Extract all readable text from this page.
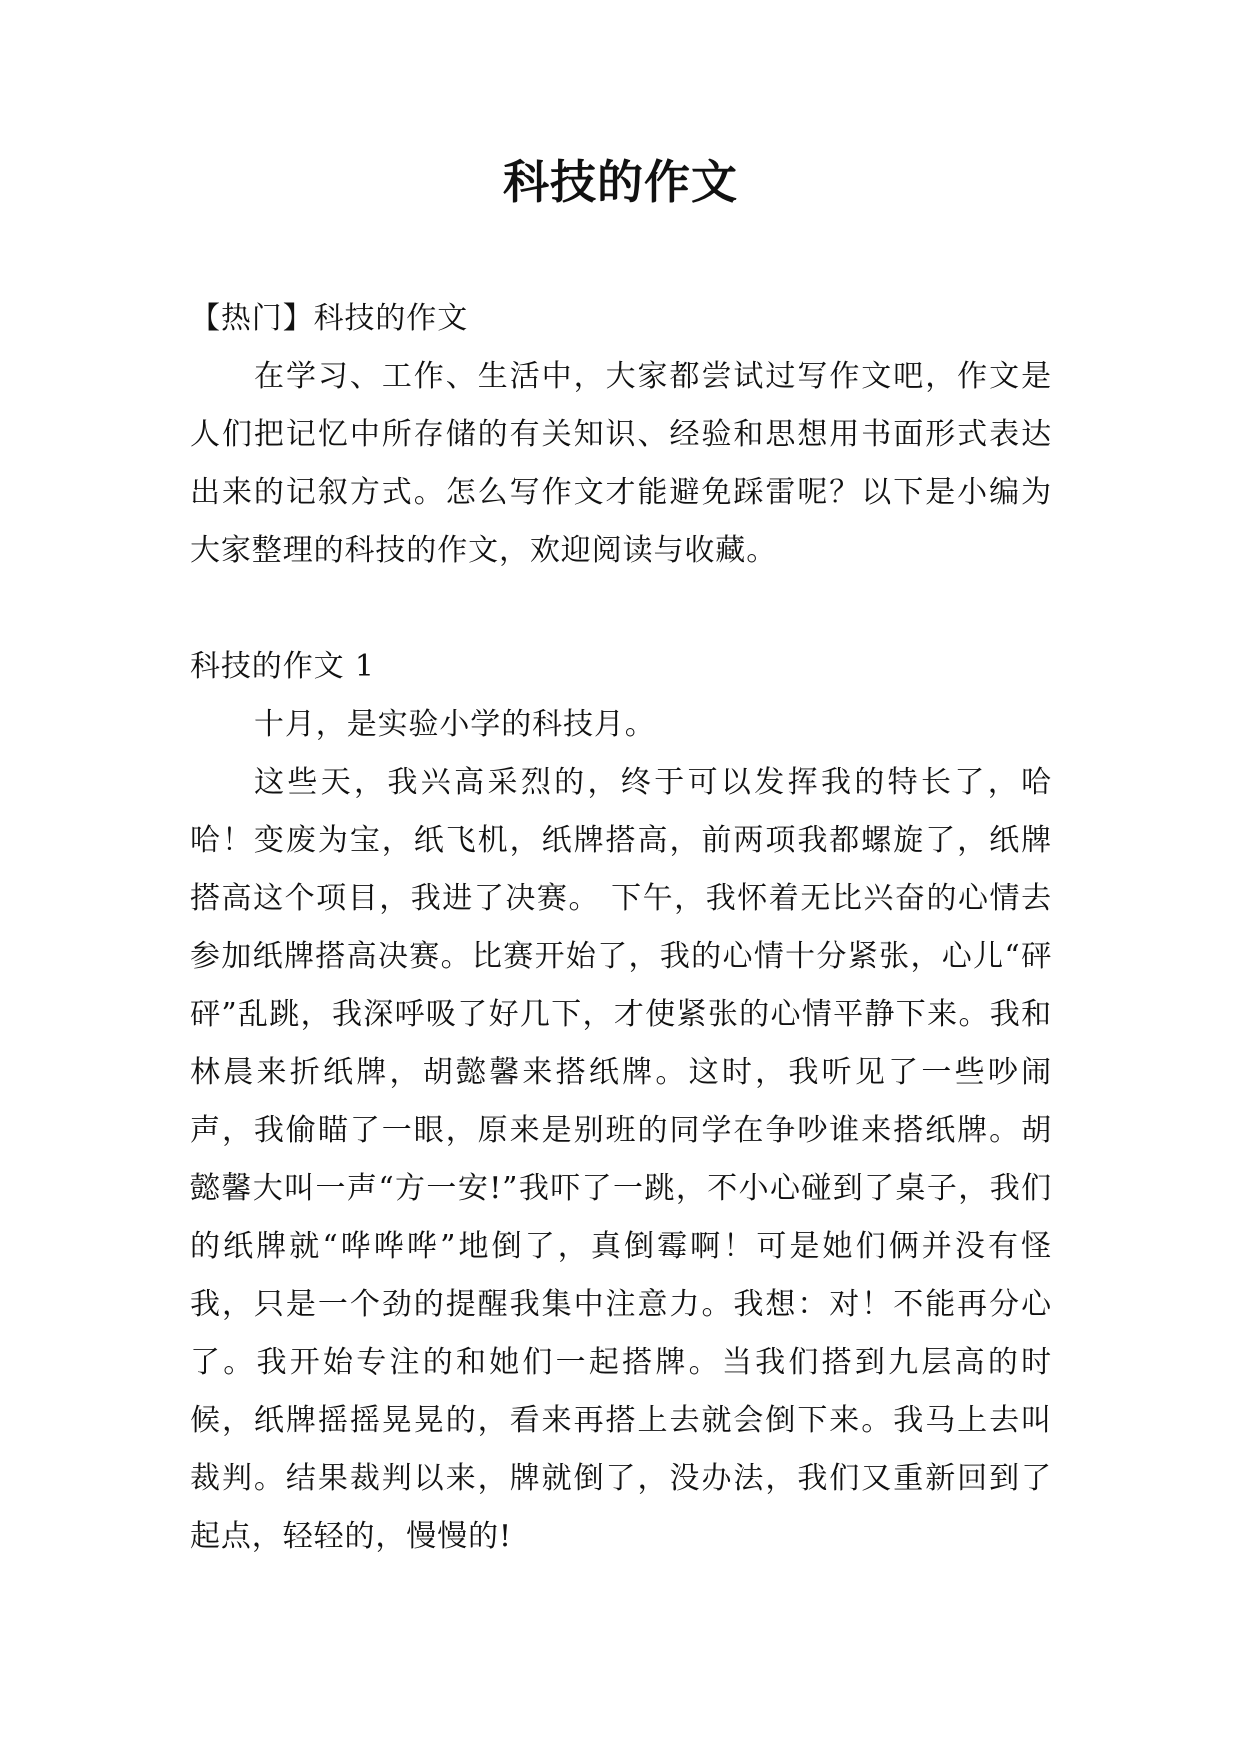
科技的作文

【热门】科技的作文

在学习、工作、生活中，大家都尝试过写作文吧，作文是人们把记忆中所存储的有关知识、经验和思想用书面形式表达出来的记叙方式。怎么写作文才能避免踩雷呢？以下是小编为大家整理的科技的作文，欢迎阅读与收藏。

科技的作文 1

十月，是实验小学的科技月。

这些天，我兴高采烈的，终于可以发挥我的特长了，哈哈！变废为宝，纸飞机，纸牌搭高，前两项我都螺旋了，纸牌搭高这个项目，我进了决赛。 下午，我怀着无比兴奋的心情去参加纸牌搭高决赛。比赛开始了，我的心情十分紧张，心儿“砰砰”乱跳，我深呼吸了好几下，才使紧张的心情平静下来。我和林晨来折纸牌，胡懿馨来搭纸牌。这时，我听见了一些吵闹声，我偷瞄了一眼，原来是别班的同学在争吵谁来搭纸牌。胡懿馨大叫一声“方一安!”我吓了一跳，不小心碰到了桌子，我们的纸牌就“哗哗哗”地倒了，真倒霉啊！可是她们俩并没有怪我，只是一个劲的提醒我集中注意力。我想：对！不能再分心了。我开始专注的和她们一起搭牌。当我们搭到九层高的时候，纸牌摇摇晃晃的，看来再搭上去就会倒下来。我马上去叫裁判。结果裁判以来，牌就倒了，没办法，我们又重新回到了起点，轻轻的，慢慢的!
